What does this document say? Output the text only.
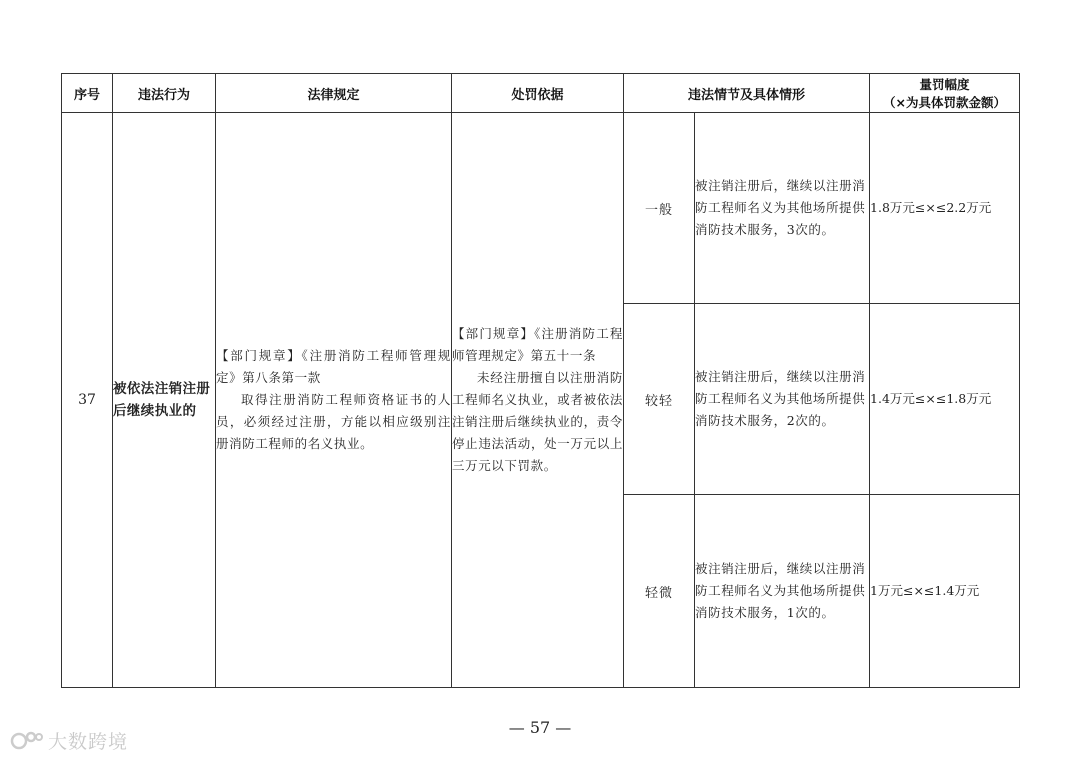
序号	违法行为	法律规定	处罚依据	违法情节及具体情形		量罚幅度
（×为具体罚款金额）

37	被依法注销注册后继续执业的	【部门规章】《注册消防工程师管理规定》第八条第一款
取得注册消防工程师资格证书的人员，必须经过注册，方能以相应级别注册消防工程师的名义执业。	【部门规章】《注册消防工程师管理规定》第五十一条
未经注册擅自以注册消防工程师名义执业，或者被依法注销注册后继续执业的，责令停止违法活动，处一万元以上三万元以下罚款。	一般	被注销注册后，继续以注册消防工程师名义为其他场所提供消防技术服务，3次的。	1.8万元≤×≤2.2万元
				较轻	被注销注册后，继续以注册消防工程师名义为其他场所提供消防技术服务，2次的。	1.4万元≤×≤1.8万元
				轻微	被注销注册后，继续以注册消防工程师名义为其他场所提供消防技术服务，1次的。	1万元≤×≤1.4万元
— 57 —
大数跨境
